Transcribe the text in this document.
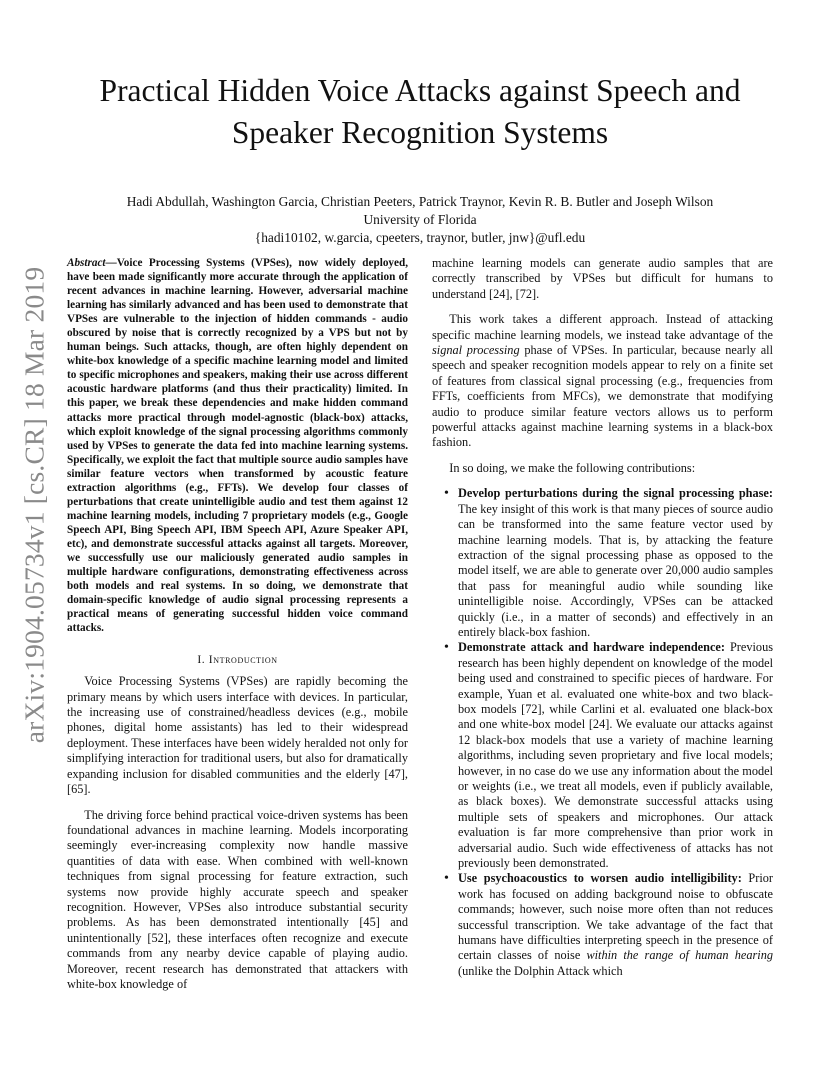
arXiv:1904.05734v1 [cs.CR] 18 Mar 2019
Practical Hidden Voice Attacks against Speech and Speaker Recognition Systems
Hadi Abdullah, Washington Garcia, Christian Peeters, Patrick Traynor, Kevin R. B. Butler and Joseph Wilson
University of Florida
{hadi10102, w.garcia, cpeeters, traynor, butler, jnw}@ufl.edu

Abstract—Voice Processing Systems (VPSes), now widely deployed, have been made significantly more accurate through the application of recent advances in machine learning. However, adversarial machine learning has similarly advanced and has been used to demonstrate that VPSes are vulnerable to the injection of hidden commands - audio obscured by noise that is correctly recognized by a VPS but not by human beings. Such attacks, though, are often highly dependent on white-box knowledge of a specific machine learning model and limited to specific microphones and speakers, making their use across different acoustic hardware platforms (and thus their practicality) limited. In this paper, we break these dependencies and make hidden command attacks more practical through model-agnostic (black-box) attacks, which exploit knowledge of the signal processing algorithms commonly used by VPSes to generate the data fed into machine learning systems. Specifically, we exploit the fact that multiple source audio samples have similar feature vectors when transformed by acoustic feature extraction algorithms (e.g., FFTs). We develop four classes of perturbations that create unintelligible audio and test them against 12 machine learning models, including 7 proprietary models (e.g., Google Speech API, Bing Speech API, IBM Speech API, Azure Speaker API, etc), and demonstrate successful attacks against all targets. Moreover, we successfully use our maliciously generated audio samples in multiple hardware configurations, demonstrating effectiveness across both models and real systems. In so doing, we demonstrate that domain-specific knowledge of audio signal processing represents a practical means of generating successful hidden voice command attacks.

I. Introduction

Voice Processing Systems (VPSes) are rapidly becoming the primary means by which users interface with devices. In particular, the increasing use of constrained/headless devices (e.g., mobile phones, digital home assistants) has led to their widespread deployment. These interfaces have been widely heralded not only for simplifying interaction for traditional users, but also for dramatically expanding inclusion for disabled communities and the elderly [47], [65].

The driving force behind practical voice-driven systems has been foundational advances in machine learning. Models incorporating seemingly ever-increasing complexity now handle massive quantities of data with ease. When combined with well-known techniques from signal processing for feature extraction, such systems now provide highly accurate speech and speaker recognition. However, VPSes also introduce substantial security problems. As has been demonstrated intentionally [45] and unintentionally [52], these interfaces often recognize and execute commands from any nearby device capable of playing audio. Moreover, recent research has demonstrated that attackers with white-box knowledge of

machine learning models can generate audio samples that are correctly transcribed by VPSes but difficult for humans to understand [24], [72].

This work takes a different approach. Instead of attacking specific machine learning models, we instead take advantage of the signal processing phase of VPSes. In particular, because nearly all speech and speaker recognition models appear to rely on a finite set of features from classical signal processing (e.g., frequencies from FFTs, coefficients from MFCs), we demonstrate that modifying audio to produce similar feature vectors allows us to perform powerful attacks against machine learning systems in a black-box fashion.

In so doing, we make the following contributions:

• Develop perturbations during the signal processing phase: The key insight of this work is that many pieces of source audio can be transformed into the same feature vector used by machine learning models. That is, by attacking the feature extraction of the signal processing phase as opposed to the model itself, we are able to generate over 20,000 audio samples that pass for meaningful audio while sounding like unintelligible noise. Accordingly, VPSes can be attacked quickly (i.e., in a matter of seconds) and effectively in an entirely black-box fashion.
• Demonstrate attack and hardware independence: Previous research has been highly dependent on knowledge of the model being used and constrained to specific pieces of hardware. For example, Yuan et al. evaluated one white-box and two black-box models [72], while Carlini et al. evaluated one black-box and one white-box model [24]. We evaluate our attacks against 12 black-box models that use a variety of machine learning algorithms, including seven proprietary and five local models; however, in no case do we use any information about the model or weights (i.e., we treat all models, even if publicly available, as black boxes). We demonstrate successful attacks using multiple sets of speakers and microphones. Our attack evaluation is far more comprehensive than prior work in adversarial audio. Such wide effectiveness of attacks has not previously been demonstrated.
• Use psychoacoustics to worsen audio intelligibility: Prior work has focused on adding background noise to obfuscate commands; however, such noise more often than not reduces successful transcription. We take advantage of the fact that humans have difficulties interpreting speech in the presence of certain classes of noise within the range of human hearing (unlike the Dolphin Attack which
